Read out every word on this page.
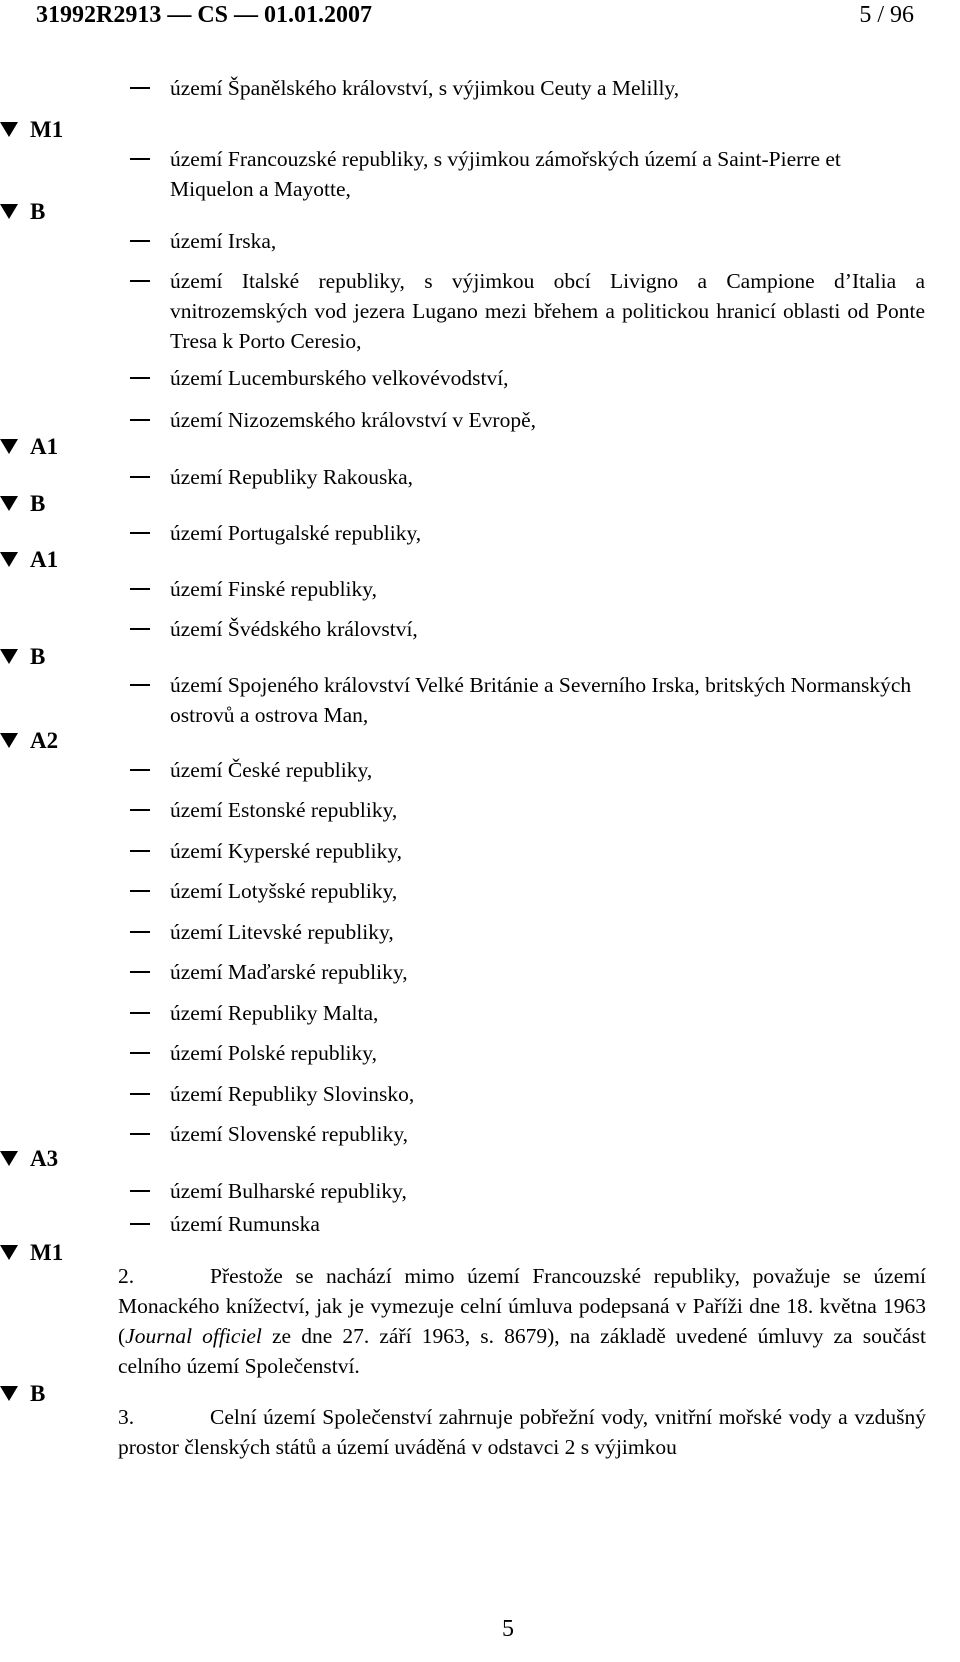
31992R2913 — CS — 01.01.2007	5 / 96
M1
B
A1
B
A1
B
A2
A3
M1
B
území Španělského království, s výjimkou Ceuty a Melilly,
území Francouzské republiky, s výjimkou zámořských území a Saint-Pierre et Miquelon a Mayotte,
území Irska,
území Italské republiky, s výjimkou obcí Livigno a Campione d’Italia a vnitrozemských vod jezera Lugano mezi břehem a politickou hranicí oblasti od Ponte Tresa k Porto Ceresio,
území Lucemburského velkovévodství,
území Nizozemského království v Evropě,
území Republiky Rakouska,
území Portugalské republiky,
území Finské republiky,
území Švédského království,
území Spojeného království Velké Británie a Severního Irska, britských Normanských ostrovů a ostrova Man,
území České republiky,
území Estonské republiky,
území Kyperské republiky,
území Lotyšské republiky,
území Litevské republiky,
území Maďarské republiky,
území Republiky Malta,
území Polské republiky,
území Republiky Slovinsko,
území Slovenské republiky,
území Bulharské republiky,
území Rumunska
2.	Přestože se nachází mimo území Francouzské republiky, považuje se území Monackého knížectví, jak je vymezuje celní úmluva podepsaná v Paříži dne 18. května 1963 (Journal officiel ze dne 27. září 1963, s. 8679), na základě uvedené úmluvy za součást celního území Společenství.
3.	Celní území Společenství zahrnuje pobřežní vody, vnitřní mořské vody a vzdušný prostor členských států a území uváděná v odstavci 2 s výjimkou
5
